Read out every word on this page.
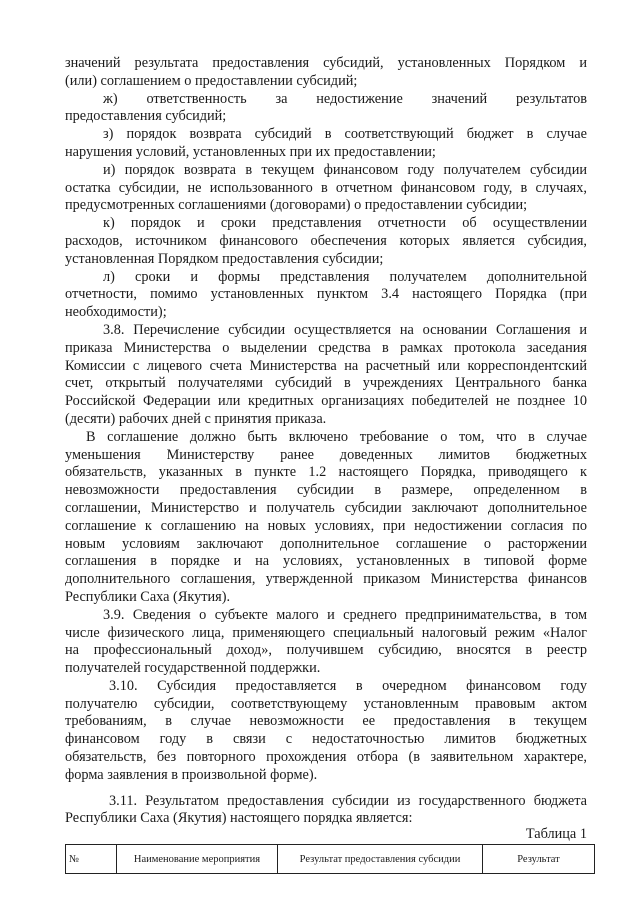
значений результата предоставления субсидий, установленных Порядком и
(или) соглашением о предоставлении субсидий;
ж) ответственность за недостижение значений результатов
предоставления субсидий;
з) порядок возврата субсидий в соответствующий бюджет в случае
нарушения условий, установленных при их предоставлении;
и) порядок возврата в текущем финансовом году получателем субсидии
остатка субсидии, не использованного в отчетном финансовом году, в случаях,
предусмотренных соглашениями (договорами) о предоставлении субсидии;
к) порядок и сроки представления отчетности об осуществлении
расходов, источником финансового обеспечения которых является субсидия,
установленная Порядком предоставления субсидии;
л) сроки и формы представления получателем дополнительной
отчетности, помимо установленных пунктом 3.4 настоящего Порядка (при
необходимости);
3.8. Перечисление субсидии осуществляется на основании Соглашения и
приказа Министерства о выделении средства в рамках протокола заседания
Комиссии с лицевого счета Министерства на расчетный или корреспондентский
счет, открытый получателями субсидий в учреждениях Центрального банка
Российской Федерации или кредитных организациях победителей не позднее 10
(десяти) рабочих дней с принятия приказа.
В соглашение должно быть включено требование о том, что в случае
уменьшения Министерству ранее доведенных лимитов бюджетных
обязательств, указанных в пункте 1.2 настоящего Порядка, приводящего к
невозможности предоставления субсидии в размере, определенном в
соглашении, Министерство и получатель субсидии заключают дополнительное
соглашение к соглашению на новых условиях, при недостижении согласия по
новым условиям заключают дополнительное соглашение о расторжении
соглашения в порядке и на условиях, установленных в типовой форме
дополнительного соглашения, утвержденной приказом Министерства финансов
Республики Саха (Якутия).
3.9. Сведения о субъекте малого и среднего предпринимательства, в том
числе физического лица, применяющего специальный налоговый режим «Налог
на профессиональный доход», получившем субсидию, вносятся в реестр
получателей государственной поддержки.
3.10. Субсидия предоставляется в очередном финансовом году
получателю субсидии, соответствующему установленным правовым актом
требованиям, в случае невозможности ее предоставления в текущем
финансовом году в связи с недостаточностью лимитов бюджетных
обязательств, без повторного прохождения отбора (в заявительном характере,
форма заявления в произвольной форме).
3.11. Результатом предоставления субсидии из государственного бюджета
Республики Саха (Якутия) настоящего порядка является:
Таблица 1
№	Наименование мероприятия	Результат предоставления субсидии	Результат
